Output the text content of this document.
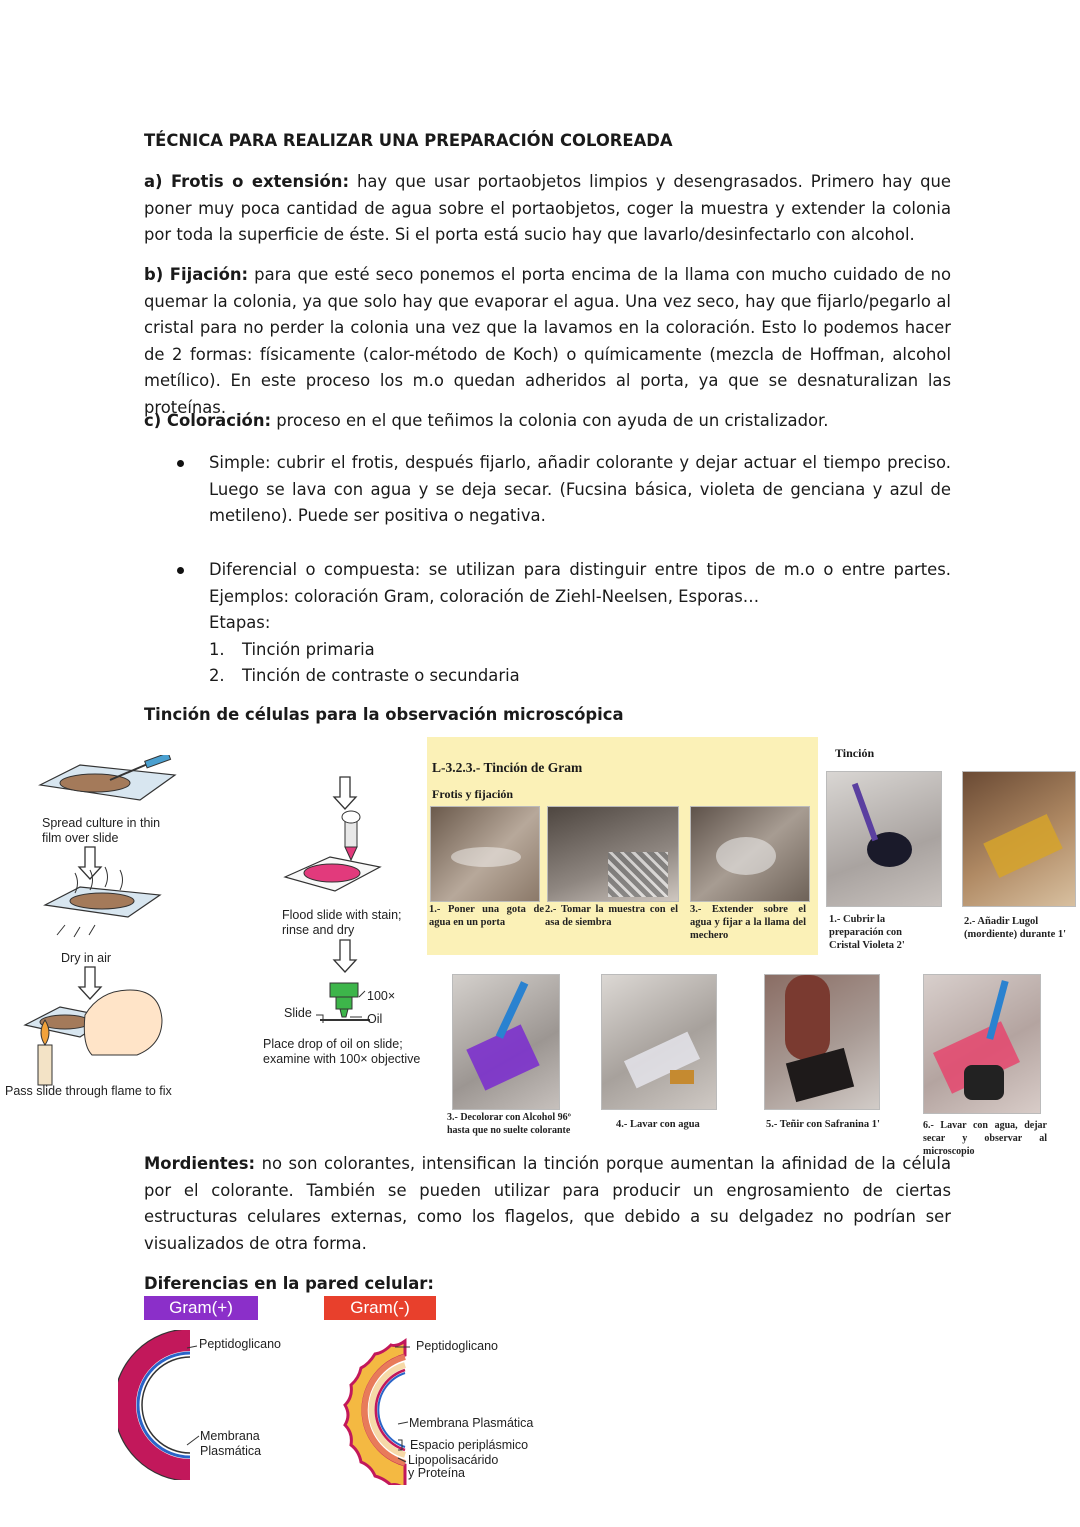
TÉCNICA PARA REALIZAR UNA PREPARACIÓN COLOREADA
a) Frotis o extensión: hay que usar portaobjetos limpios y desengrasados. Primero hay que poner muy poca cantidad de agua sobre el portaobjetos, coger la muestra y extender la colonia por toda la superficie de éste. Si el porta está sucio hay que lavarlo/desinfectarlo con alcohol.
b) Fijación: para que esté seco ponemos el porta encima de la llama con mucho cuidado de no quemar la colonia, ya que solo hay que evaporar el agua. Una vez seco, hay que fijarlo/pegarlo al cristal para no perder la colonia una vez que la lavamos en la coloración. Esto lo podemos hacer de 2 formas: físicamente (calor-método de Koch) o químicamente (mezcla de Hoffman, alcohol metílico). En este proceso los m.o quedan adheridos al porta, ya que se desnaturalizan las proteínas.
c) Coloración: proceso en el que teñimos la colonia con ayuda de un cristalizador.
Simple: cubrir el frotis, después fijarlo, añadir colorante y dejar actuar el tiempo preciso. Luego se lava con agua y se deja secar. (Fucsina básica, violeta de genciana y azul de metileno). Puede ser positiva o negativa.
Diferencial o compuesta: se utilizan para distinguir entre tipos de m.o o entre partes.
Ejemplos: coloración Gram, coloración de Ziehl-Neelsen, Esporas…
Etapas:
1. Tinción primaria
2. Tinción de contraste o secundaria
Tinción de células para la observación microscópica
Spread culture in thin film over slide
Dry in air
Pass slide through flame to fix
Flood slide with stain; rinse and dry
Slide
100×
Oil
Place drop of oil on slide; examine with 100× objective
L-3.2.3.- Tinción de Gram
Frotis y fijación
Tinción
1.- Poner una gota de agua en un porta
2.- Tomar la muestra con el asa de siembra
3.- Extender sobre el agua y fijar a la llama del mechero
1.- Cubrir la preparación con Cristal Violeta 2'
2.- Añadir Lugol (mordiente) durante 1'
3.- Decolorar con Alcohol 96º hasta que no suelte colorante
4.- Lavar con agua	5.- Teñir con Safranina 1'	6.- Lavar con agua, dejar secar y observar al microscopio
Mordientes: no son colorantes, intensifican la tinción porque aumentan la afinidad de la célula por el colorante. También se pueden utilizar para producir un engrosamiento de ciertas estructuras celulares externas, como los flagelos, que debido a su delgadez no podrían ser visualizados de otra forma.
Diferencias en la pared celular:
Gram(+)	Gram(-)
Peptidoglicano
Membrana Plasmática
Peptidoglicano
Membrana Plasmática
Espacio periplásmico
Lipopolisacárido y Proteína
